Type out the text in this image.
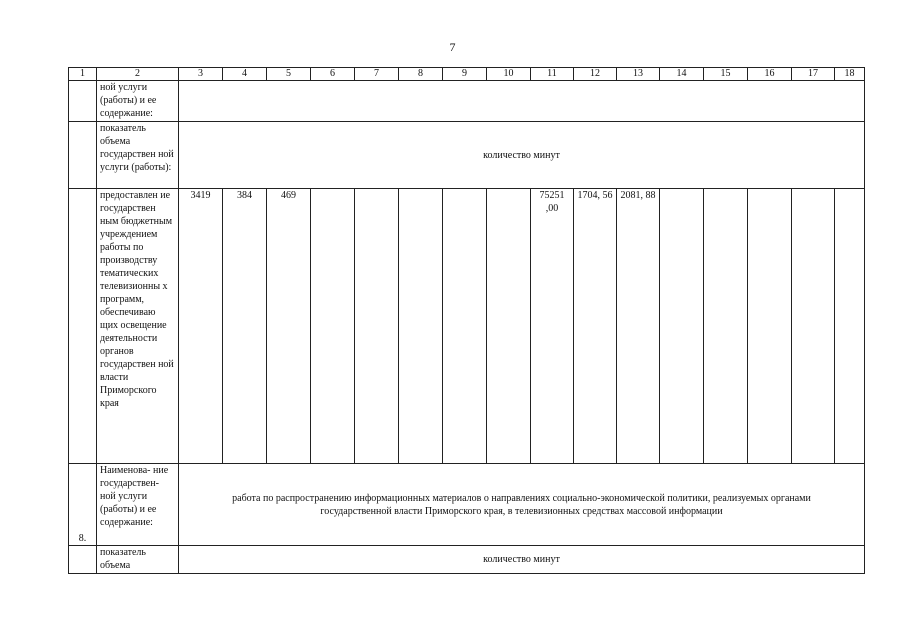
7
1	2	3	4	5	6	7	8	9	10	11	12	13	14	15	16	17	18
	ной услуги (работы) и ее содержание:																
	показатель объема государствен ной услуги (работы):	количество минут															
	предоставлен ие государствен ным бюджетным учреждением работы по производству тематических телевизионны х программ, обеспечиваю щих освещение деятельности органов государствен ной власти Приморского края	3419	384	469						75251 ,00	1704, 56	2081, 88					
8.	Наименова- ние государствен- ной услуги (работы) и ее содержание:	работа по распространению информационных материалов о направлениях социально-экономической политики, реализуемых органами государственной власти Приморского края, в телевизионных средствах массовой информации															
	показатель объема	количество минут															
